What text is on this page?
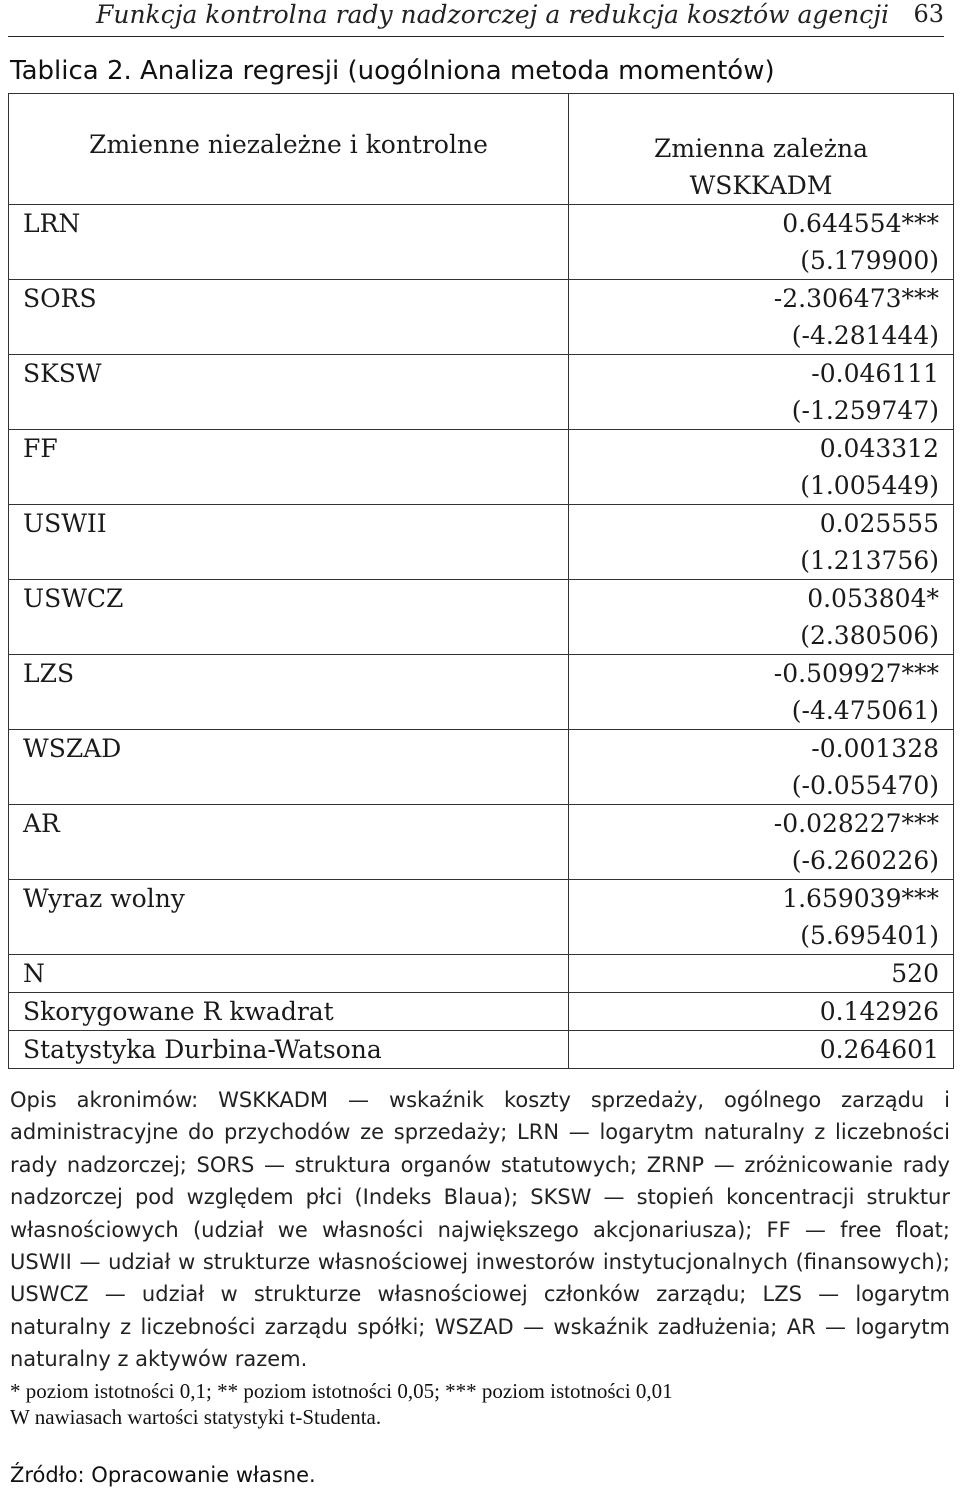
Funkcja kontrolna rady nadzorczej a redukcja kosztów agencji 63
Tablica 2. Analiza regresji (uogólniona metoda momentów)
Zmienne niezależne i kontrolne	Zmienna zależna
WSKKADM

LRN	0.644554***
(5.179900)

SORS	-2.306473***
(-4.281444)

SKSW	-0.046111
(-1.259747)

FF	0.043312
(1.005449)

USWII	0.025555
(1.213756)

USWCZ	0.053804*
(2.380506)

LZS	-0.509927***
(-4.475061)

WSZAD	-0.001328
(-0.055470)

AR	-0.028227***
(-6.260226)

Wyraz wolny	1.659039***
(5.695401)

N	520
Skorygowane R kwadrat	0.142926
Statystyka Durbina-Watsona	0.264601
Opis akronimów: WSKKADM — wskaźnik koszty sprzedaży, ogólnego zarządu i administracyjne do przychodów ze sprzedaży; LRN — logarytm naturalny z liczebności rady nadzorczej; SORS — struktura organów statutowych; ZRNP — zróżnicowanie rady nadzorczej pod względem płci (Indeks Blaua); SKSW — stopień koncentracji struktur własnościowych (udział we własności największego akcjonariusza); FF — free float; USWII — udział w strukturze własnościowej inwestorów instytucjonalnych (finansowych); USWCZ — udział w strukturze własnościowej członków zarządu; LZS — logarytm naturalny z liczebności zarządu spółki; WSZAD — wskaźnik zadłużenia; AR — logarytm naturalny z aktywów razem.
* poziom istotności 0,1; ** poziom istotności 0,05; *** poziom istotności 0,01
W nawiasach wartości statystyki t-Studenta.
Źródło: Opracowanie własne.
